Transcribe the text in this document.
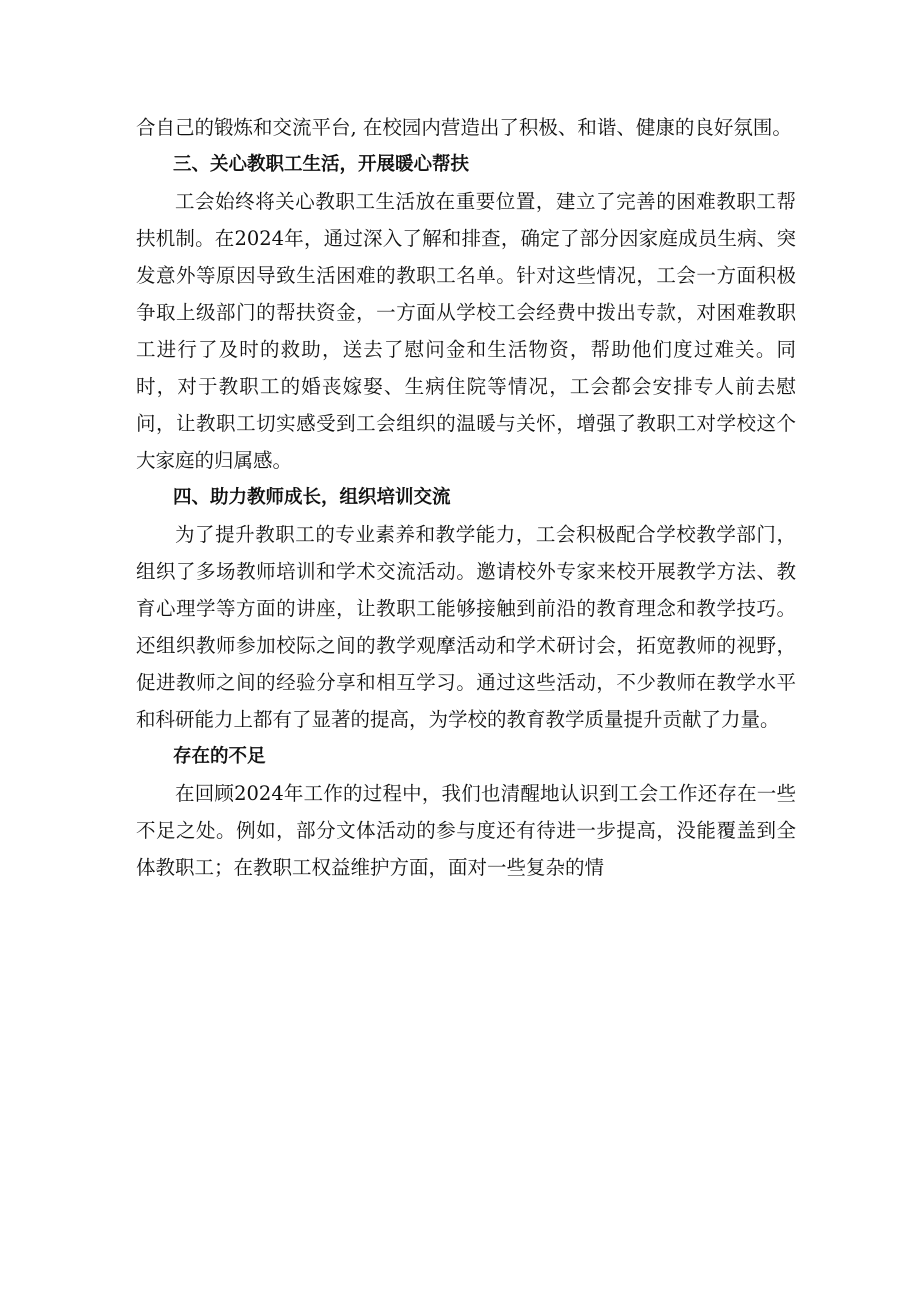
合自己的锻炼和交流平台, 在校园内营造出了积极、和谐、健康的良好氛围。

三、关心教职工生活，开展暖心帮扶

工会始终将关心教职工生活放在重要位置，建立了完善的困难教职工帮扶机制。在2024年，通过深入了解和排查，确定了部分因家庭成员生病、突发意外等原因导致生活困难的教职工名单。针对这些情况，工会一方面积极争取上级部门的帮扶资金，一方面从学校工会经费中拨出专款，对困难教职工进行了及时的救助，送去了慰问金和生活物资，帮助他们度过难关。同时，对于教职工的婚丧嫁娶、生病住院等情况，工会都会安排专人前去慰问，让教职工切实感受到工会组织的温暖与关怀，增强了教职工对学校这个大家庭的归属感。

四、助力教师成长，组织培训交流

为了提升教职工的专业素养和教学能力，工会积极配合学校教学部门，组织了多场教师培训和学术交流活动。邀请校外专家来校开展教学方法、教育心理学等方面的讲座，让教职工能够接触到前沿的教育理念和教学技巧。还组织教师参加校际之间的教学观摩活动和学术研讨会，拓宽教师的视野，促进教师之间的经验分享和相互学习。通过这些活动，不少教师在教学水平和科研能力上都有了显著的提高，为学校的教育教学质量提升贡献了力量。

存在的不足

在回顾2024年工作的过程中，我们也清醒地认识到工会工作还存在一些不足之处。例如，部分文体活动的参与度还有待进一步提高，没能覆盖到全体教职工；在教职工权益维护方面，面对一些复杂的情
